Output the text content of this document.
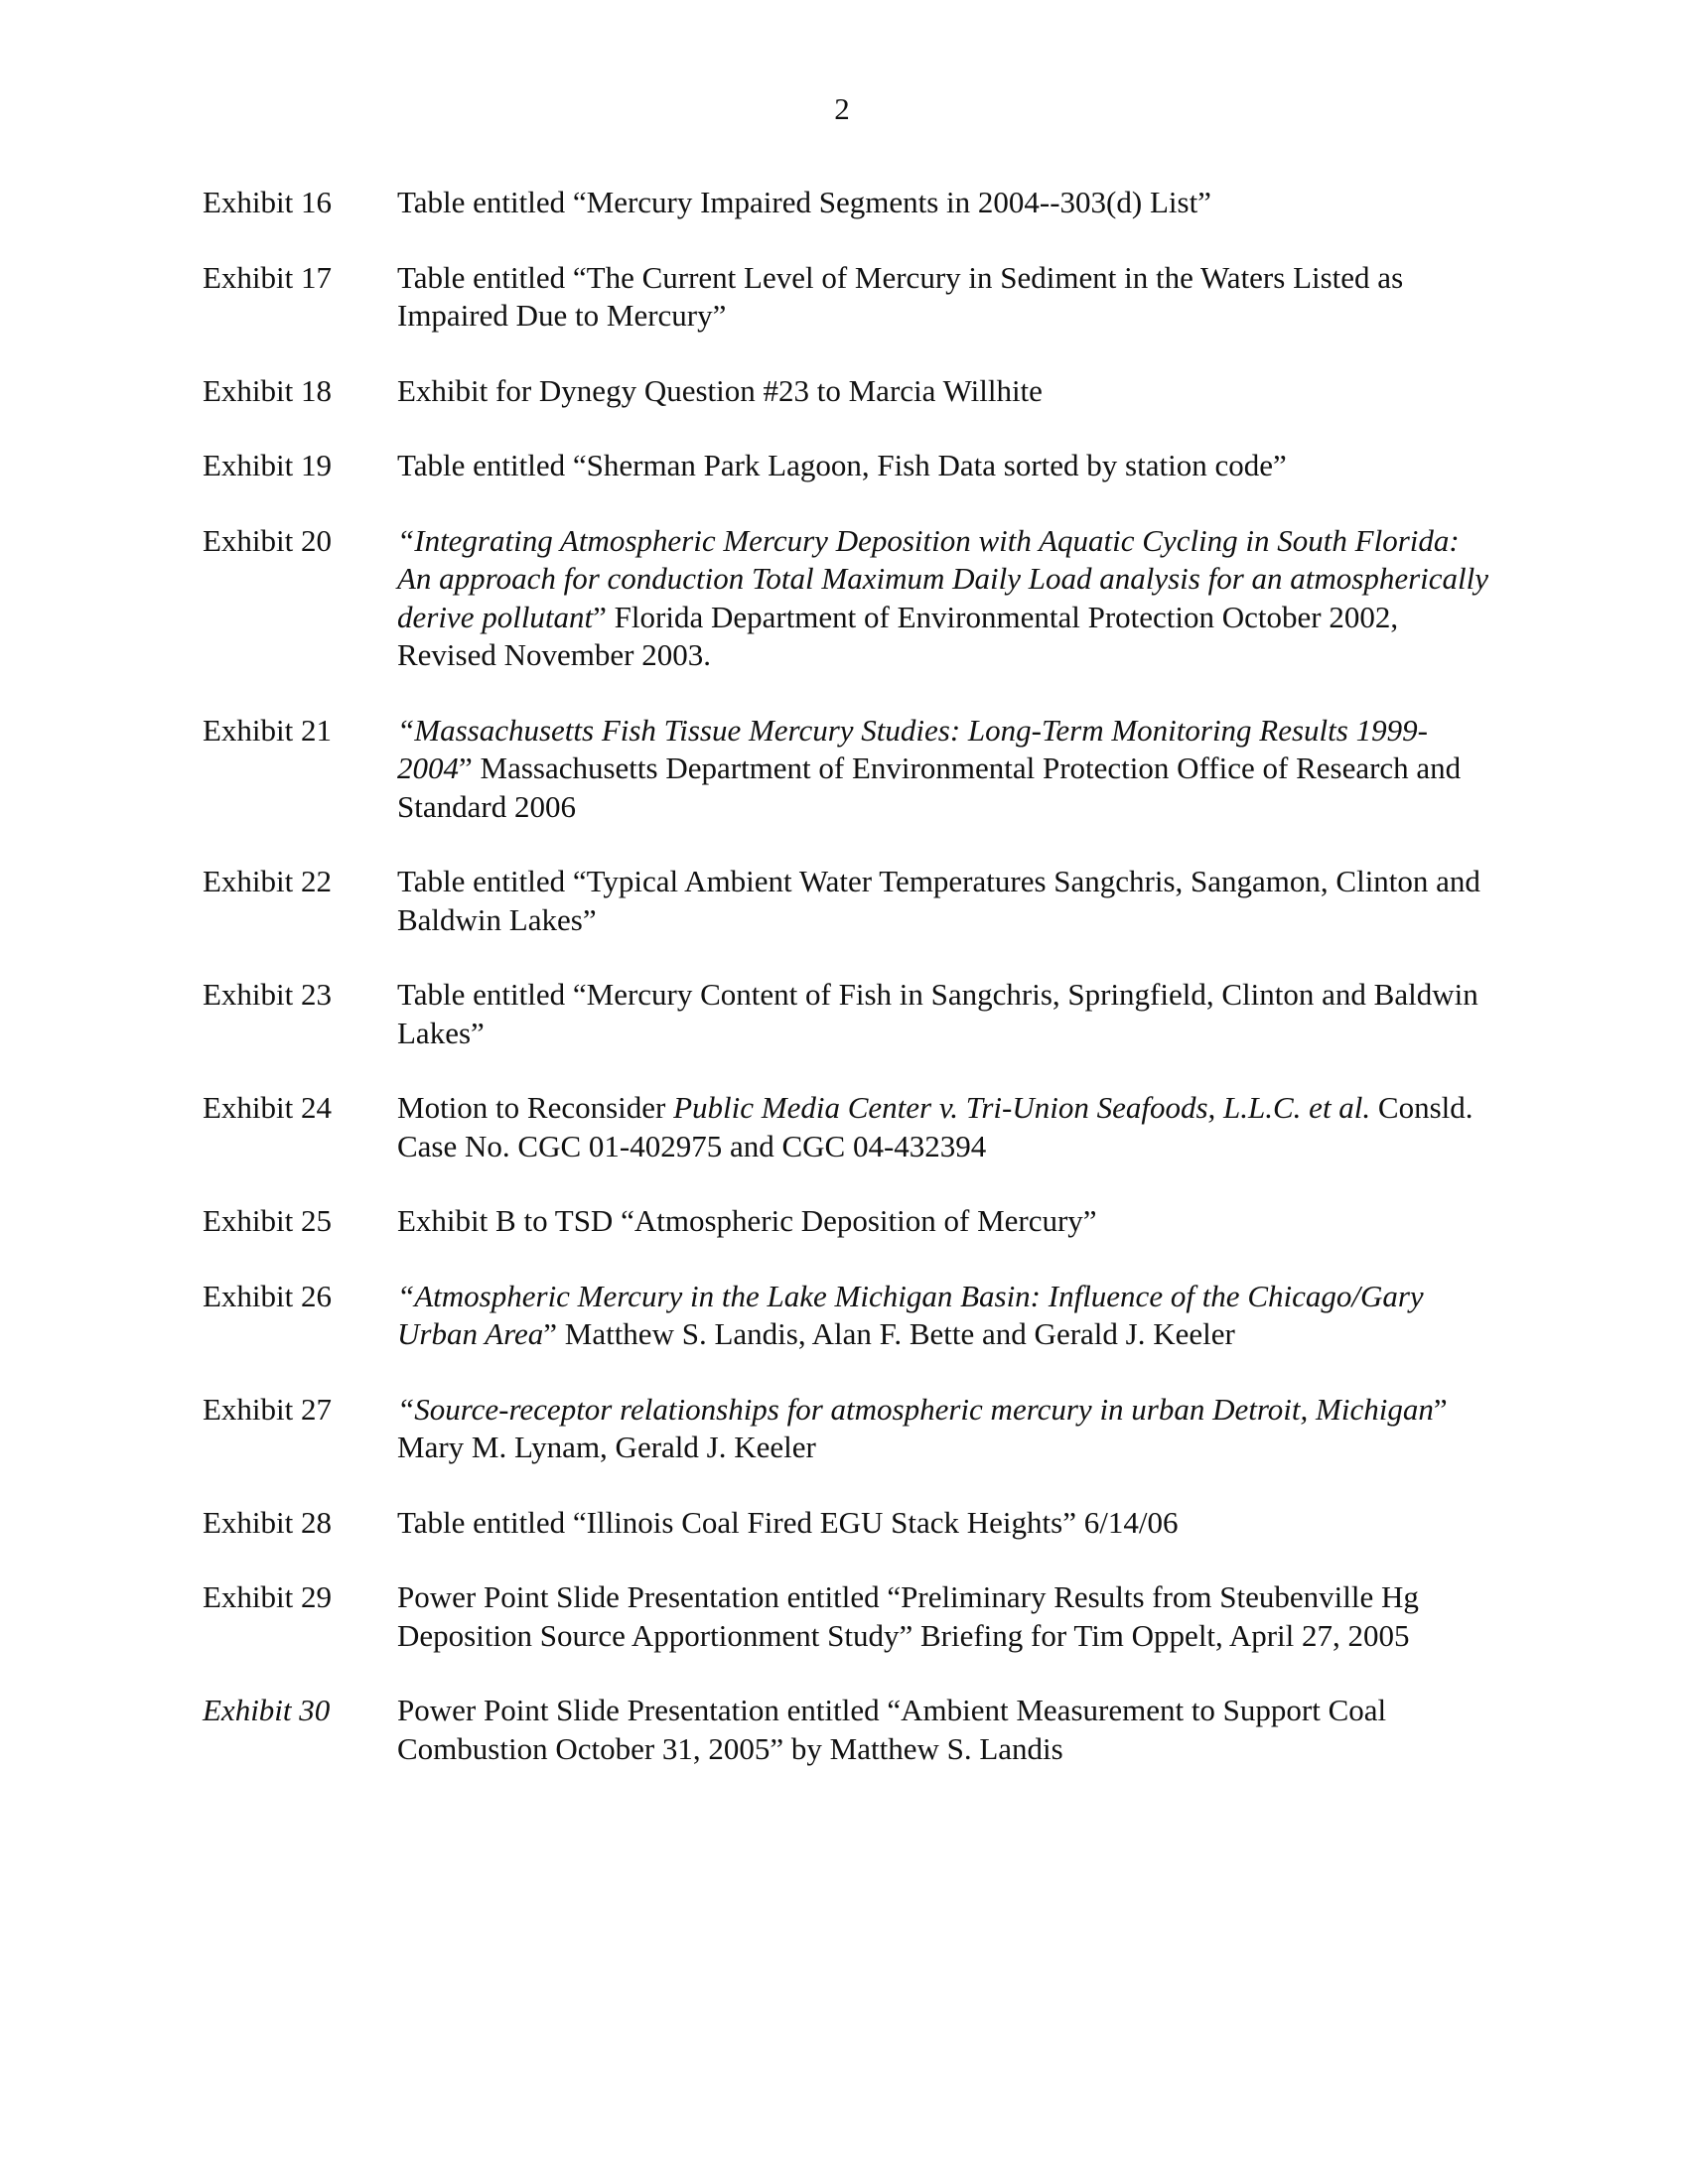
2
Exhibit 16	Table entitled “Mercury Impaired Segments in 2004--303(d) List”
Exhibit 17	Table entitled “The Current Level of Mercury in Sediment in the Waters Listed as Impaired Due to Mercury”
Exhibit 18	Exhibit for Dynegy Question #23 to Marcia Willhite
Exhibit 19	Table entitled “Sherman Park Lagoon, Fish Data sorted by station code”
Exhibit 20	“Integrating Atmospheric Mercury Deposition with Aquatic Cycling in South Florida: An approach for conduction Total Maximum Daily Load analysis for an atmospherically derive pollutant” Florida Department of Environmental Protection October 2002, Revised November 2003.
Exhibit 21	“Massachusetts Fish Tissue Mercury Studies: Long-Term Monitoring Results 1999-2004” Massachusetts Department of Environmental Protection Office of Research and Standard 2006
Exhibit 22	Table entitled “Typical Ambient Water Temperatures Sangchris, Sangamon, Clinton and Baldwin Lakes”
Exhibit 23	Table entitled “Mercury Content of Fish in Sangchris, Springfield, Clinton and Baldwin Lakes”
Exhibit 24	Motion to Reconsider Public Media Center v. Tri-Union Seafoods, L.L.C. et al. Consld. Case No. CGC 01-402975 and CGC 04-432394
Exhibit 25	Exhibit B to TSD “Atmospheric Deposition of Mercury”
Exhibit 26	“Atmospheric Mercury in the Lake Michigan Basin: Influence of the Chicago/Gary Urban Area” Matthew S. Landis, Alan F. Bette and Gerald J. Keeler
Exhibit 27	“Source-receptor relationships for atmospheric mercury in urban Detroit, Michigan” Mary M. Lynam, Gerald J. Keeler
Exhibit 28	Table entitled “Illinois Coal Fired EGU Stack Heights” 6/14/06
Exhibit 29	Power Point Slide Presentation entitled “Preliminary Results from Steubenville Hg Deposition Source Apportionment Study” Briefing for Tim Oppelt, April 27, 2005
Exhibit 30	Power Point Slide Presentation entitled “Ambient Measurement to Support Coal Combustion October 31, 2005” by Matthew S. Landis
